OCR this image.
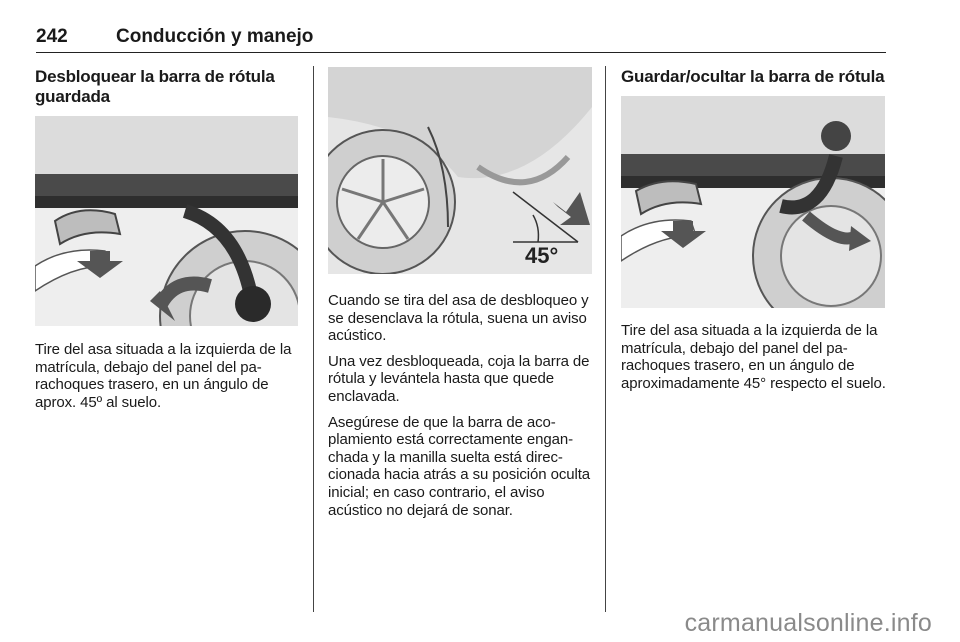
242	Conducción y manejo
Desbloquear la barra de rótula guardada

Tire del asa situada a la izquierda de la matrícula, debajo del panel del parachoques trasero, en un ángulo de aprox. 45º al suelo.

45°

Cuando se tira del asa de desbloqueo y se desenclava la rótula, suena un aviso acústico.

Una vez desbloqueada, coja la barra de rótula y levántela hasta que quede enclavada.

Asegúrese de que la barra de acoplamiento está correctamente enganchada y la manilla suelta está direccionada hacia atrás a su posición oculta inicial; en caso contrario, el aviso acústico no dejará de sonar.

Guardar/ocultar la barra de rótula

Tire del asa situada a la izquierda de la matrícula, debajo del panel del parachoques trasero, en un ángulo de aproximadamente 45° respecto el suelo.

carmanualsonline.info
